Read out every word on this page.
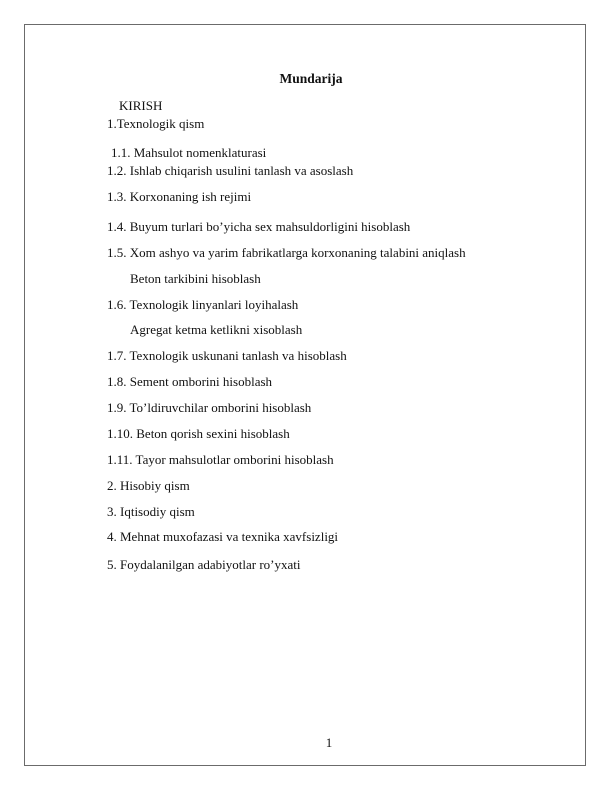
Mundarija
KIRISH
1.Texnologik qism
1.1. Mahsulot nomenklaturasi
1.2. Ishlab chiqarish usulini tanlash va asoslash
1.3. Korxonaning ish rejimi
1.4. Buyum turlari bo’yicha sex mahsuldorligini hisoblash
1.5. Xom ashyo va yarim fabrikatlarga korxonaning talabini aniqlash
Beton tarkibini hisoblash
1.6. Texnologik linyanlari loyihalash
Agregat ketma ketlikni xisoblash
1.7. Texnologik uskunani tanlash va hisoblash
1.8. Sement omborini hisoblash
1.9. To’ldiruvchilar omborini hisoblash
1.10. Beton qorish sexini hisoblash
1.11. Tayor mahsulotlar omborini hisoblash
2. Hisobiy qism
3. Iqtisodiy qism
4. Mehnat muxofazasi va texnika xavfsizligi
5. Foydalanilgan adabiyotlar ro’yxati
1
